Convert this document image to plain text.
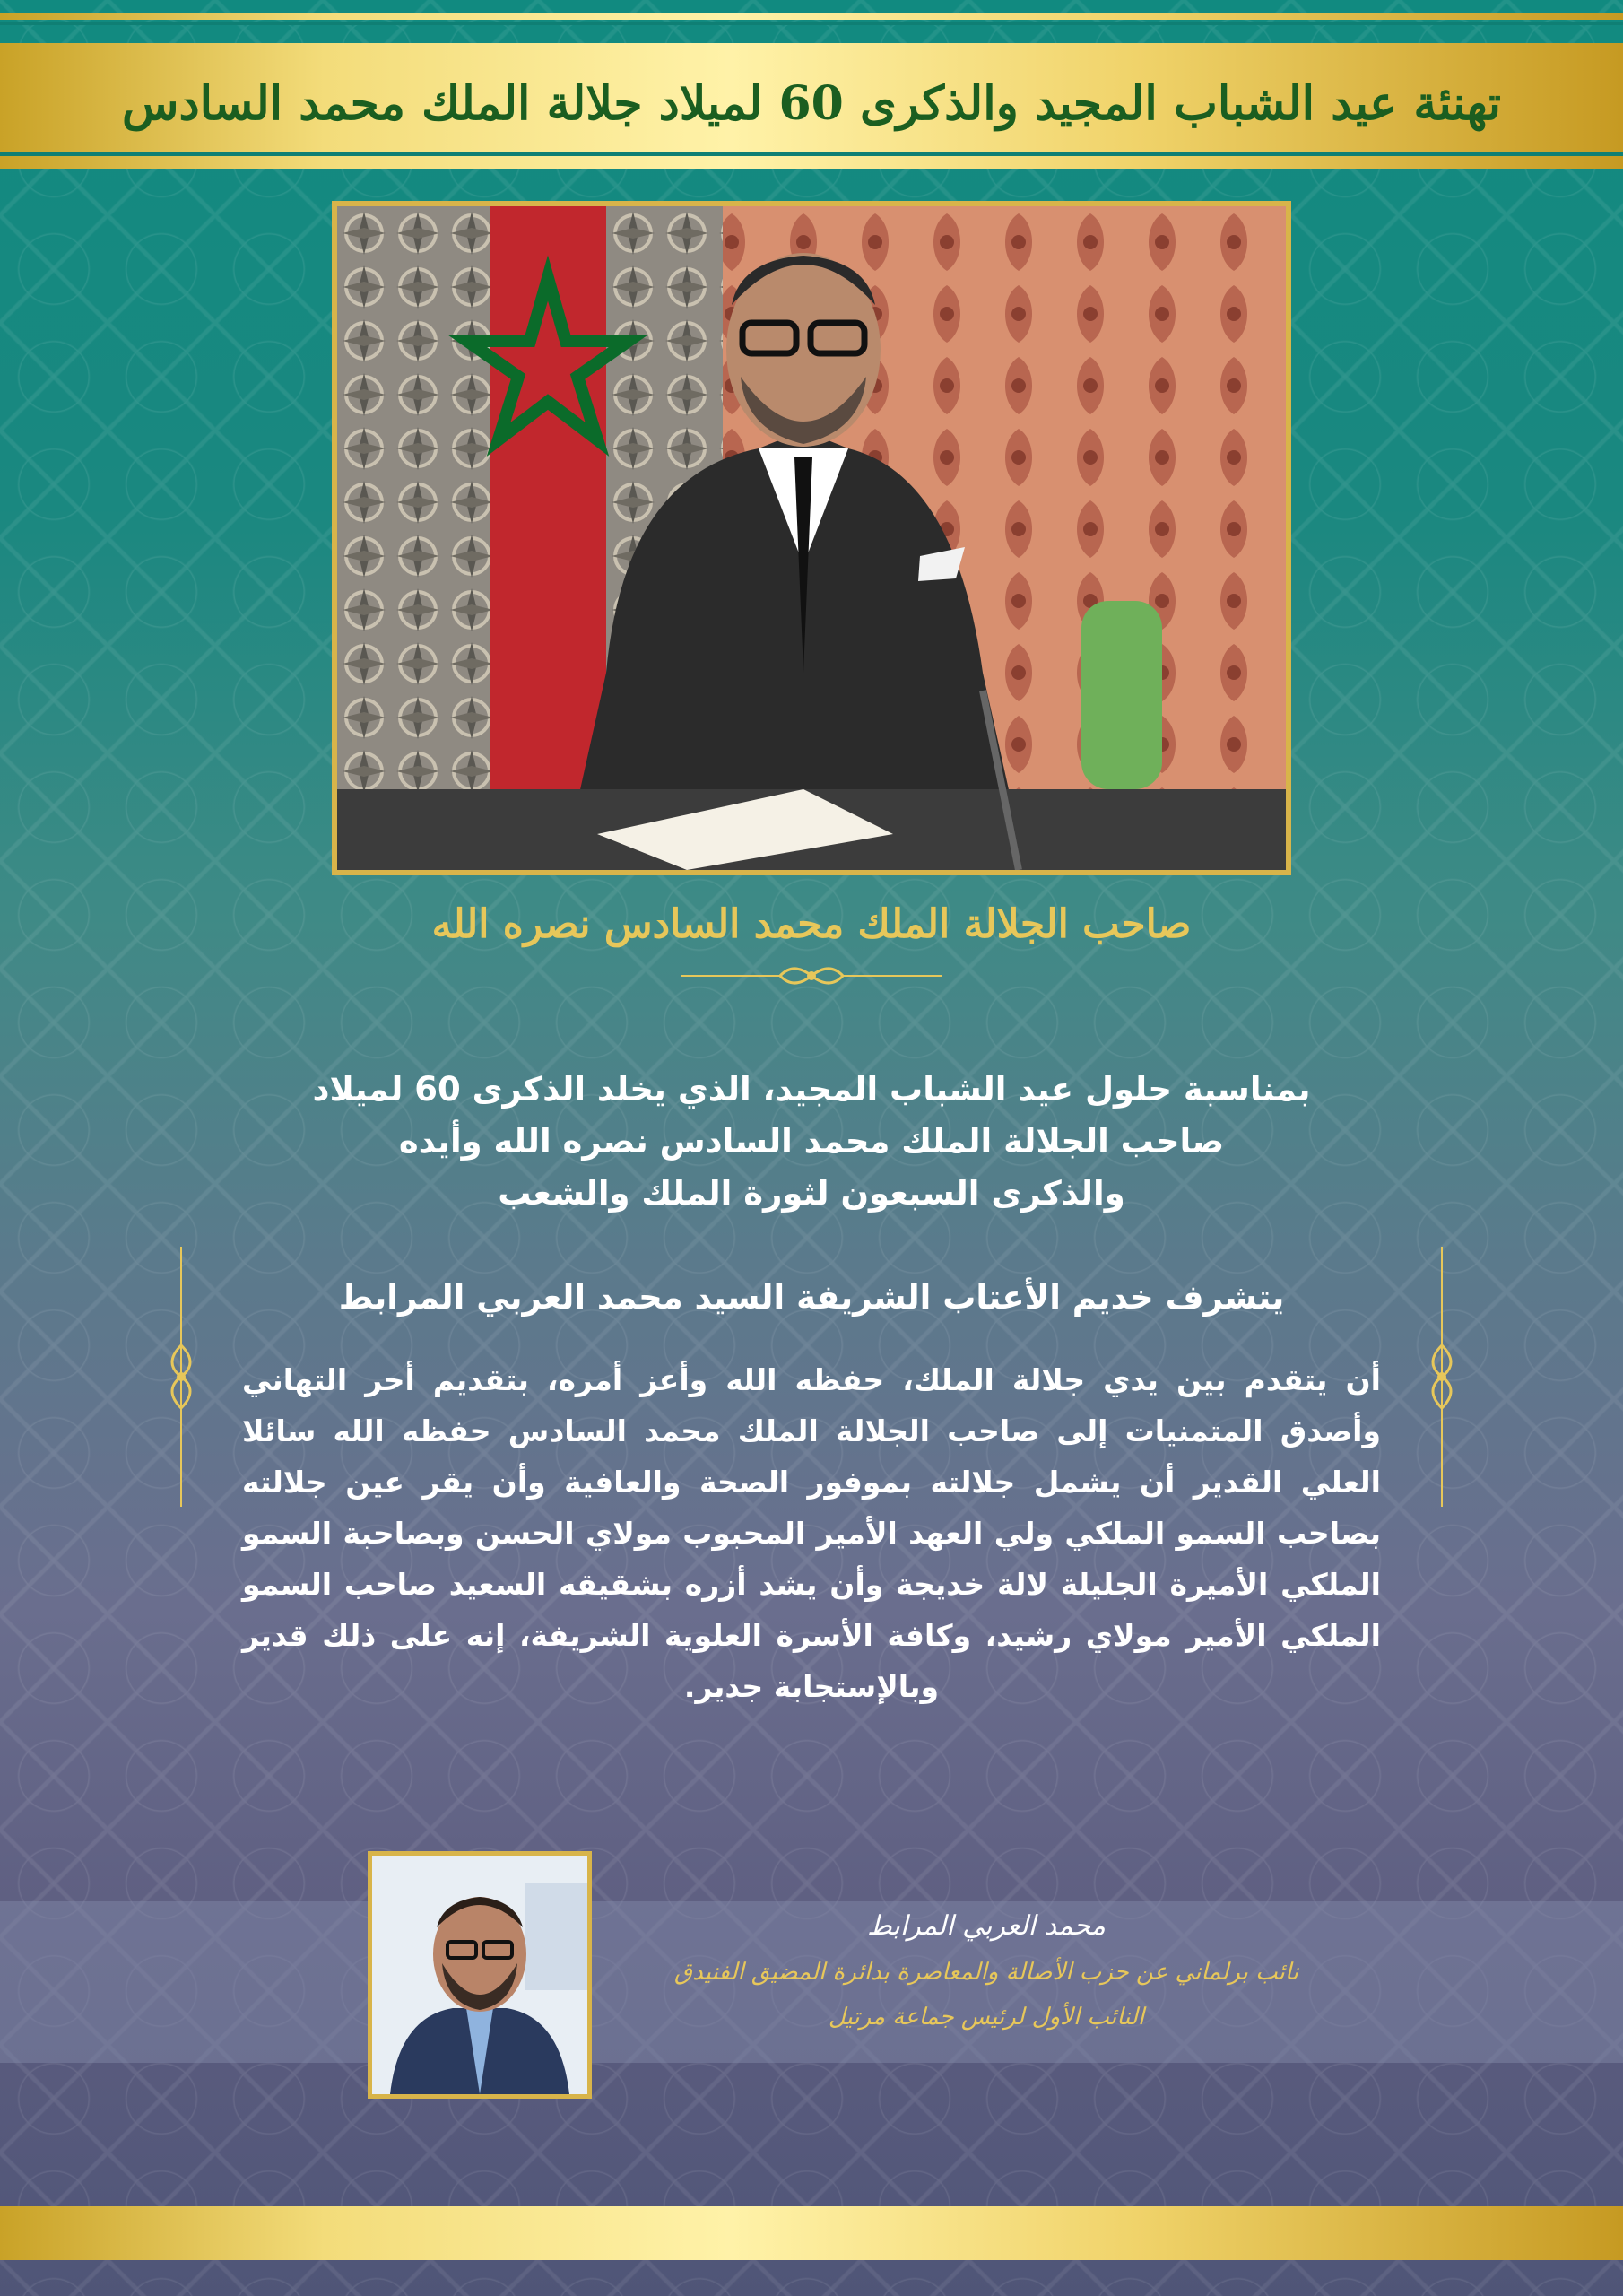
تهنئة عيد الشباب المجيد والذكرى 60 لميلاد جلالة الملك محمد السادس
صاحب الجلالة الملك محمد السادس نصره الله
بمناسبة حلول عيد الشباب المجيد، الذي يخلد الذكرى 60 لميلاد
صاحب الجلالة الملك محمد السادس نصره الله وأيده
والذكرى السبعون لثورة الملك والشعب
يتشرف خديم الأعتاب الشريفة السيد محمد العربي المرابط
أن يتقدم بين يدي جلالة الملك، حفظه الله وأعز أمره، بتقديم أحر التهاني وأصدق المتمنيات إلى صاحب الجلالة الملك محمد السادس حفظه الله سائلا العلي القدير أن يشمل جلالته بموفور الصحة والعافية وأن يقر عين جلالته بصاحب السمو الملكي ولي العهد الأمير المحبوب مولاي الحسن وبصاحبة السمو الملكي الأميرة الجليلة لالة خديجة وأن يشد أزره بشقيقه السعيد صاحب السمو الملكي الأمير مولاي رشيد، وكافة الأسرة العلوية الشريفة، إنه على ذلك قدير وبالإستجابة جدير.
محمد العربي المرابط
نائب برلماني عن حزب الأصالة والمعاصرة بدائرة المضيق الفنيدق
النائب الأول لرئيس جماعة مرتيل
